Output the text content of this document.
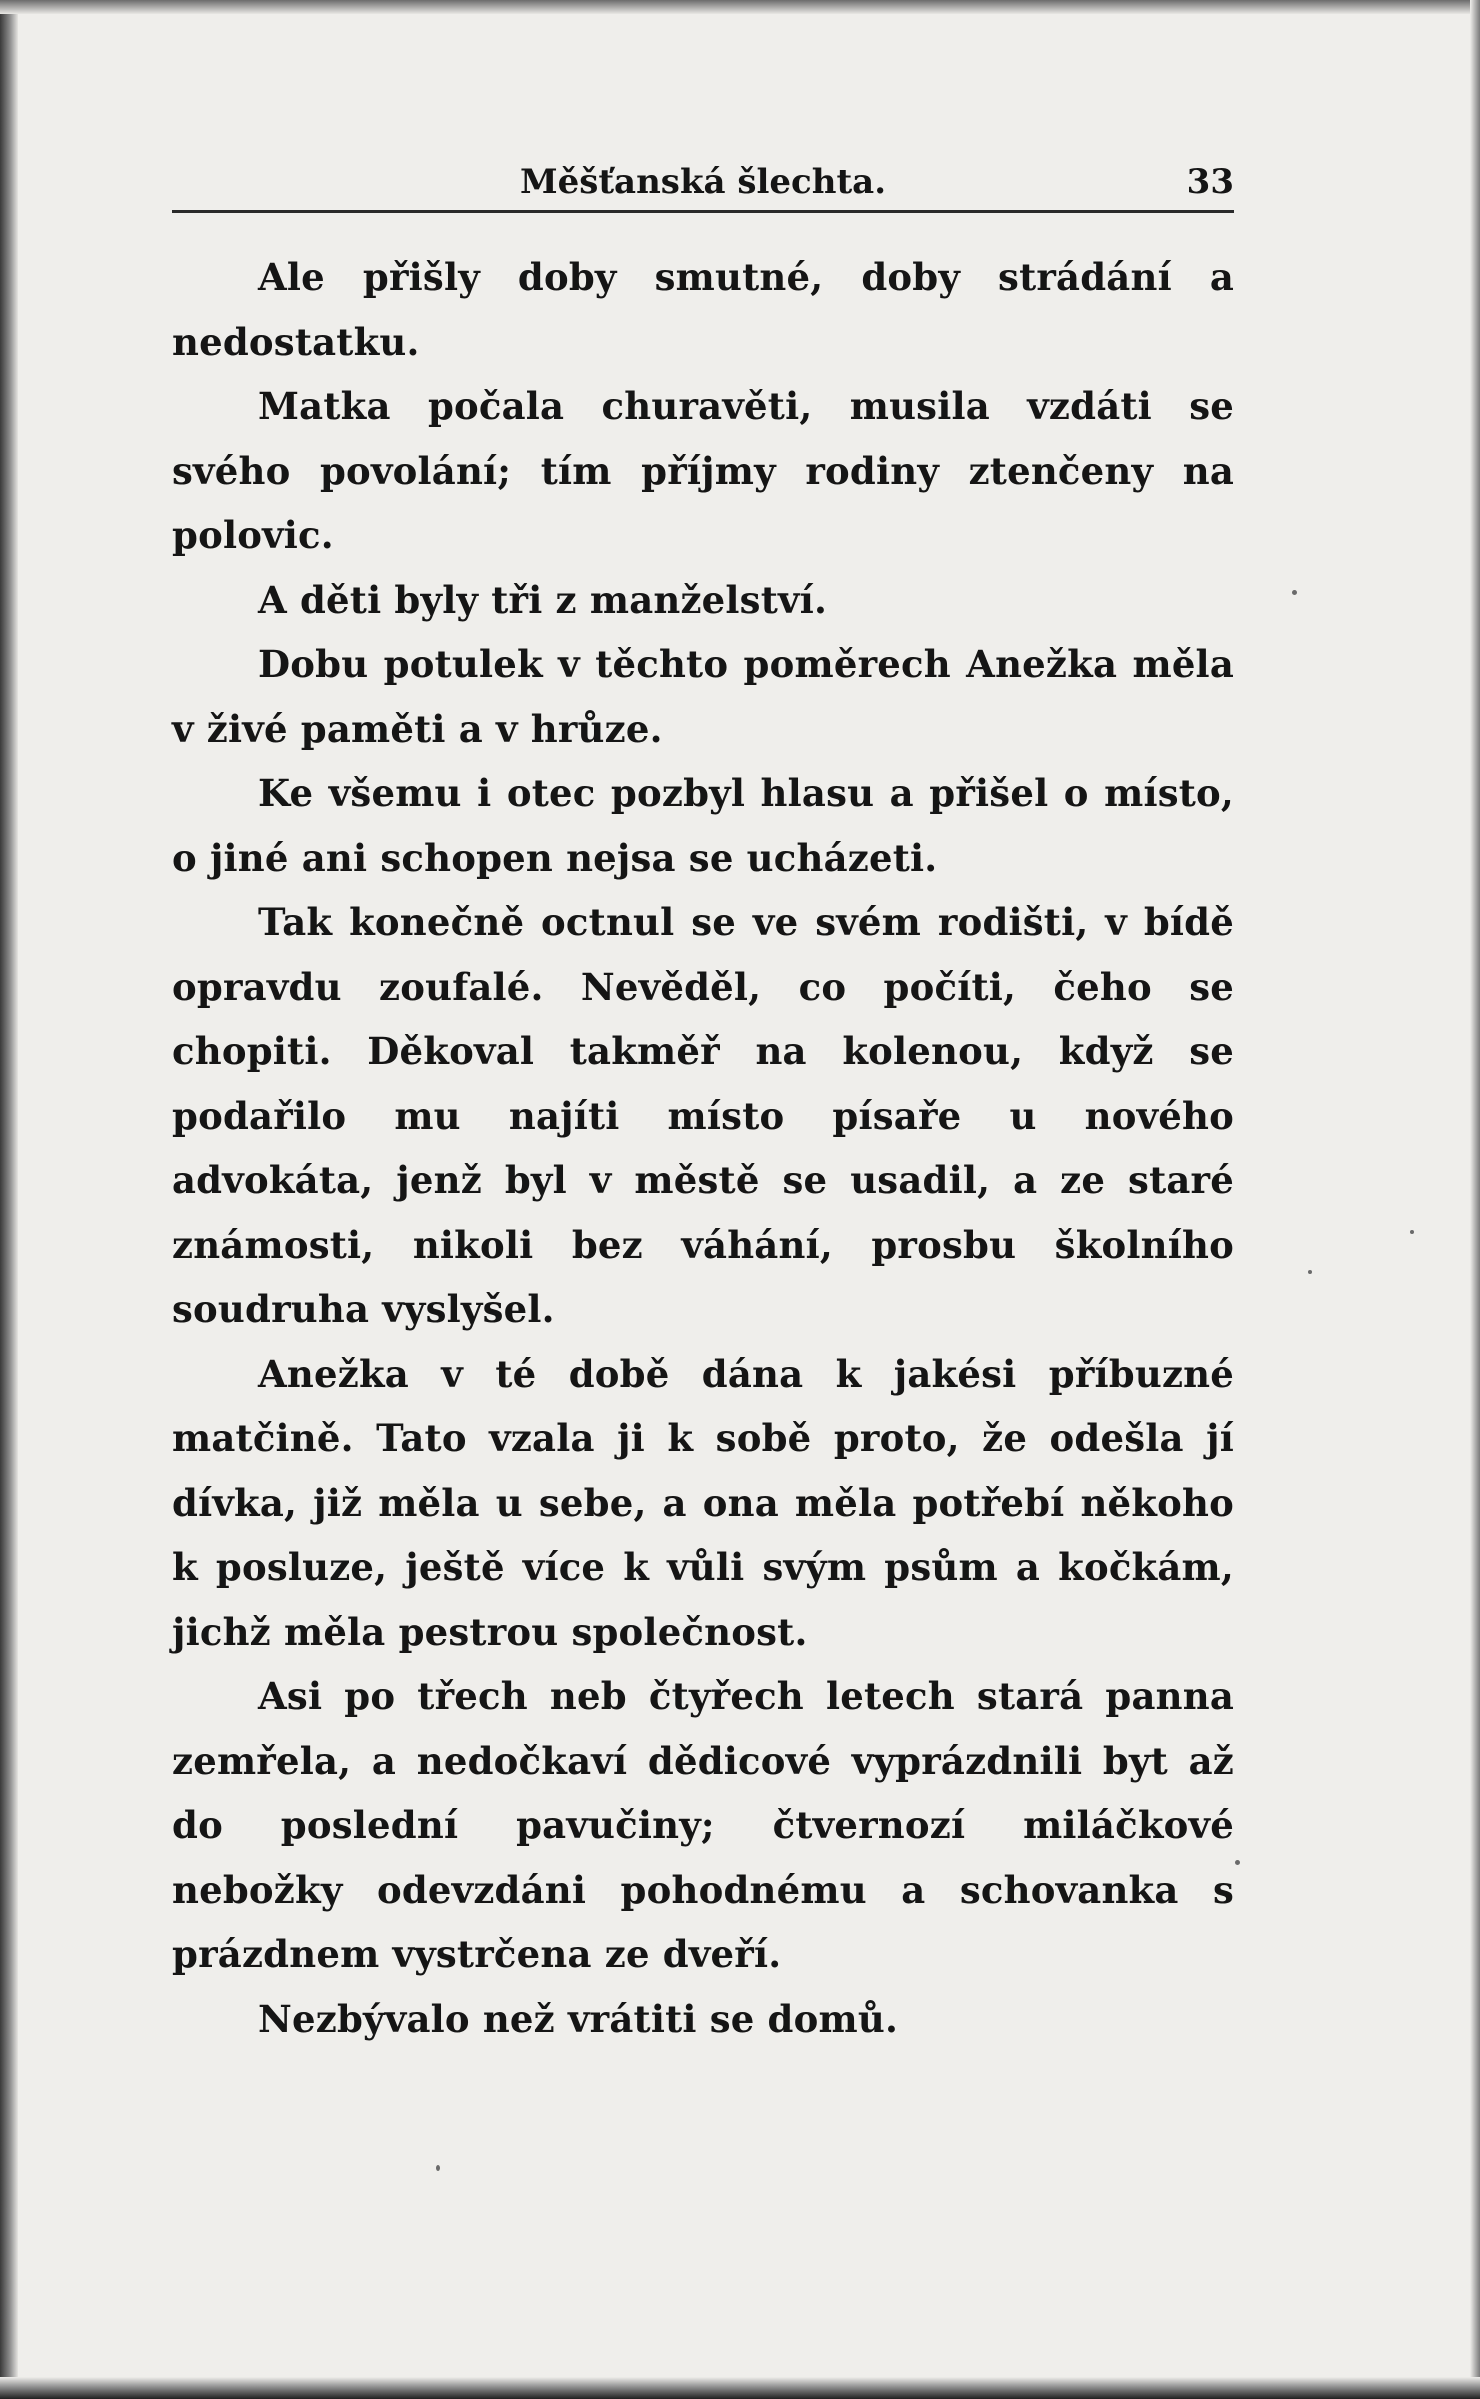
Měšťanská šlechta.	33

Ale přišly doby smutné, doby strádání a nedostatku.

Matka počala churavěti, musila vzdáti se svého povolání; tím příjmy rodiny ztenčeny na polovic.

A děti byly tři z manželství.

Dobu potulek v těchto poměrech Anežka měla v živé paměti a v hrůze.

Ke všemu i otec pozbyl hlasu a přišel o místo, o jiné ani schopen nejsa se ucházeti.

Tak konečně octnul se ve svém rodišti, v bídě opravdu zoufalé. Nevěděl, co počíti, čeho se chopiti. Děkoval takměř na kolenou, když se podařilo mu najíti místo písaře u nového advokáta, jenž byl v městě se usadil, a ze staré známosti, nikoli bez váhání, prosbu školního soudruha vyslyšel.

Anežka v té době dána k jakési příbuzné matčině. Tato vzala ji k sobě proto, že odešla jí dívka, již měla u sebe, a ona měla potřebí někoho k posluze, ještě více k vůli svým psům a kočkám, jichž měla pestrou společnost.

Asi po třech neb čtyřech letech stará panna zemřela, a nedočkaví dědicové vyprázdnili byt až do poslední pavučiny; čtvernozí miláčkové nebožky odevzdáni pohodnému a schovanka s prázdnem vystrčena ze dveří.

Nezbývalo než vrátiti se domů.
